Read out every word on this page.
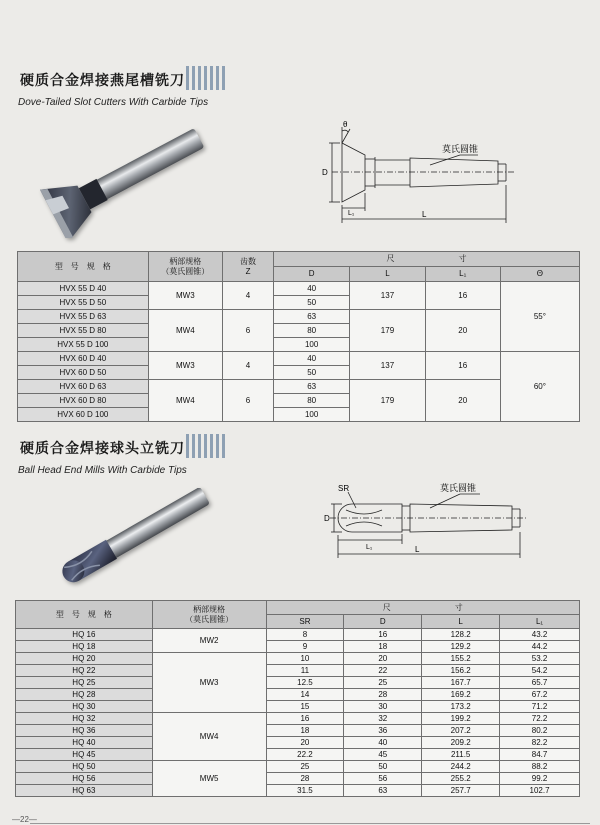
硬质合金焊接燕尾槽铣刀
Dove-Tailed Slot Cutters With Carbide Tips
θ
D
L₁	L
莫氏圆锥
型　号　规　格	柄部规格
（莫氏圆锥）	齿数
Z	尺　　　　　　　　寸			
			D	L	L₁	Θ
HVX 55 D 40	MW3	4	40	137	16	55°
HVX 55 D 50			50			
HVX 55 D 63	MW4	6	63	179	20	
HVX 55 D 80			80			
HVX 55 D 100			100			
HVX 60 D 40	MW3	4	40	137	16	60°
HVX 60 D 50			50			
HVX 60 D 63	MW4	6	63	179	20	
HVX 60 D 80			80			
HVX 60 D 100			100			
硬质合金焊接球头立铣刀
Ball Head End Mills With Carbide Tips
SR
D
L₁	L
莫氏圆锥
型　号　规　格	柄部规格
（莫氏圆锥）	尺　　　　　　　　寸			
		SR	D	L	L₁
HQ 16	MW2	8	16	128.2	43.2
HQ 18		9	18	129.2	44.2
HQ 20	MW3	10	20	155.2	53.2
HQ 22		11	22	156.2	54.2
HQ 25		12.5	25	167.7	65.7
HQ 28		14	28	169.2	67.2
HQ 30		15	30	173.2	71.2
HQ 32	MW4	16	32	199.2	72.2
HQ 36		18	36	207.2	80.2
HQ 40		20	40	209.2	82.2
HQ 45		22.2	45	211.5	84.7
HQ 50	MW5	25	50	244.2	88.2
HQ 56		28	56	255.2	99.2
HQ 63		31.5	63	257.7	102.7
—22—
